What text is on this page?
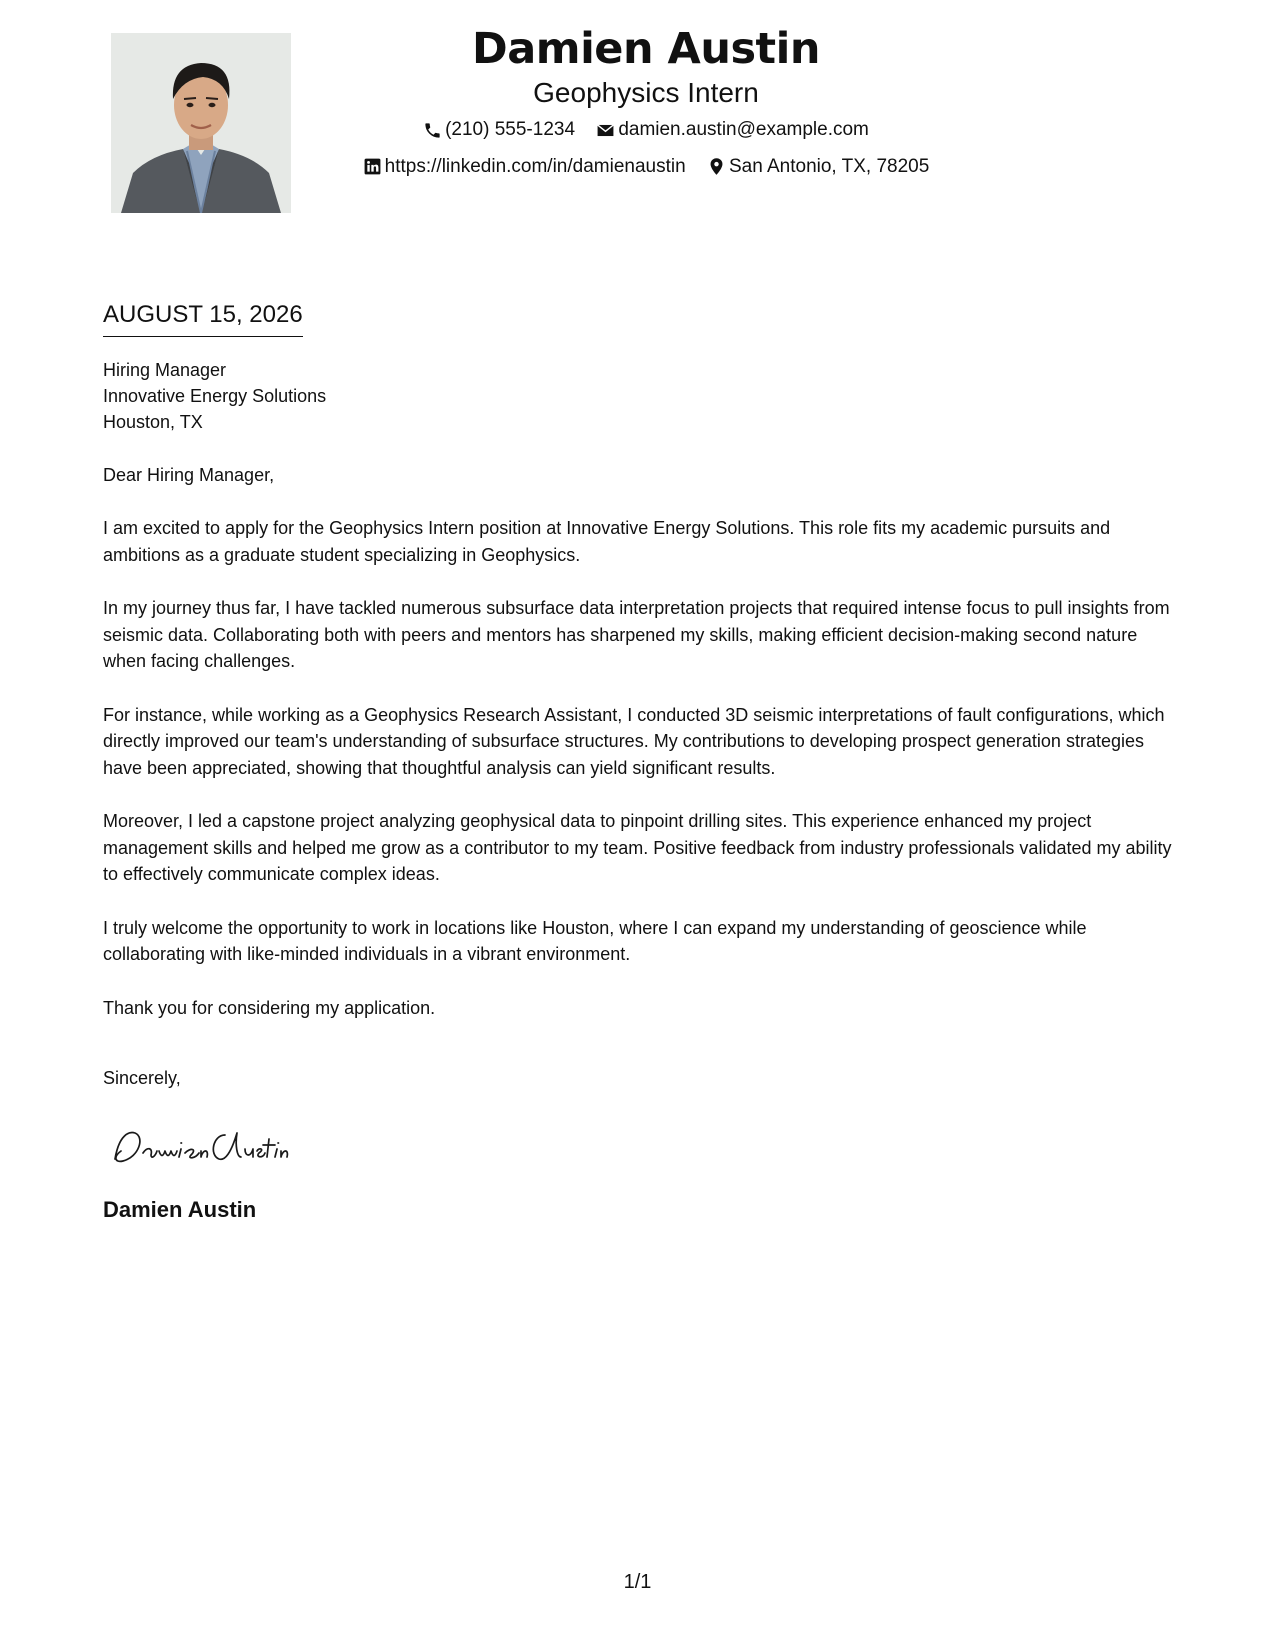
Damien Austin

Geophysics Intern

(210) 555-1234
damien.austin@example.com
https://linkedin.com/in/damienaustin
San Antonio, TX, 78205
AUGUST 15, 2026
Hiring Manager
Innovative Energy Solutions
Houston, TX
Dear Hiring Manager,

I am excited to apply for the Geophysics Intern position at Innovative Energy Solutions. This role fits my academic pursuits and ambitions as a graduate student specializing in Geophysics.

In my journey thus far, I have tackled numerous subsurface data interpretation projects that required intense focus to pull insights from seismic data. Collaborating both with peers and mentors has sharpened my skills, making efficient decision-making second nature when facing challenges.

For instance, while working as a Geophysics Research Assistant, I conducted 3D seismic interpretations of fault configurations, which directly improved our team's understanding of subsurface structures. My contributions to developing prospect generation strategies have been appreciated, showing that thoughtful analysis can yield significant results.

Moreover, I led a capstone project analyzing geophysical data to pinpoint drilling sites. This experience enhanced my project management skills and helped me grow as a contributor to my team. Positive feedback from industry professionals validated my ability to effectively communicate complex ideas.

I truly welcome the opportunity to work in locations like Houston, where I can expand my understanding of geoscience while collaborating with like-minded individuals in a vibrant environment.

Thank you for considering my application.

Sincerely,
Damien Austin
1/1
